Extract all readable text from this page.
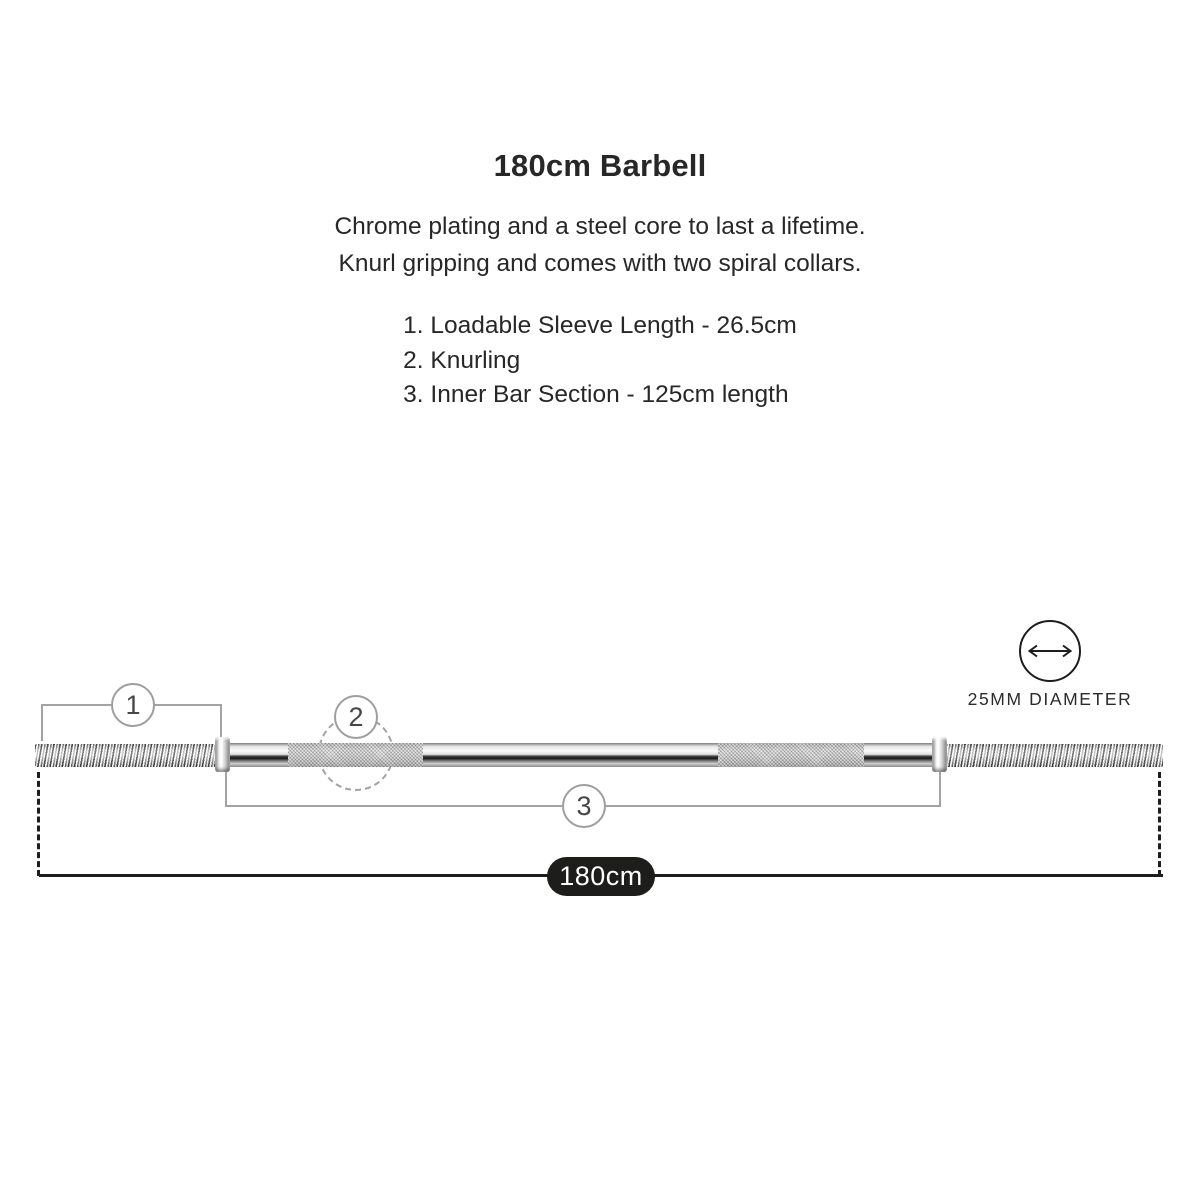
180cm Barbell
Chrome plating and a steel core to last a lifetime.
Knurl gripping and comes with two spiral collars.
1. Loadable Sleeve Length - 26.5cm
2. Knurling
3. Inner Bar Section - 125cm length
25MM DIAMETER
1	2
3
180cm
